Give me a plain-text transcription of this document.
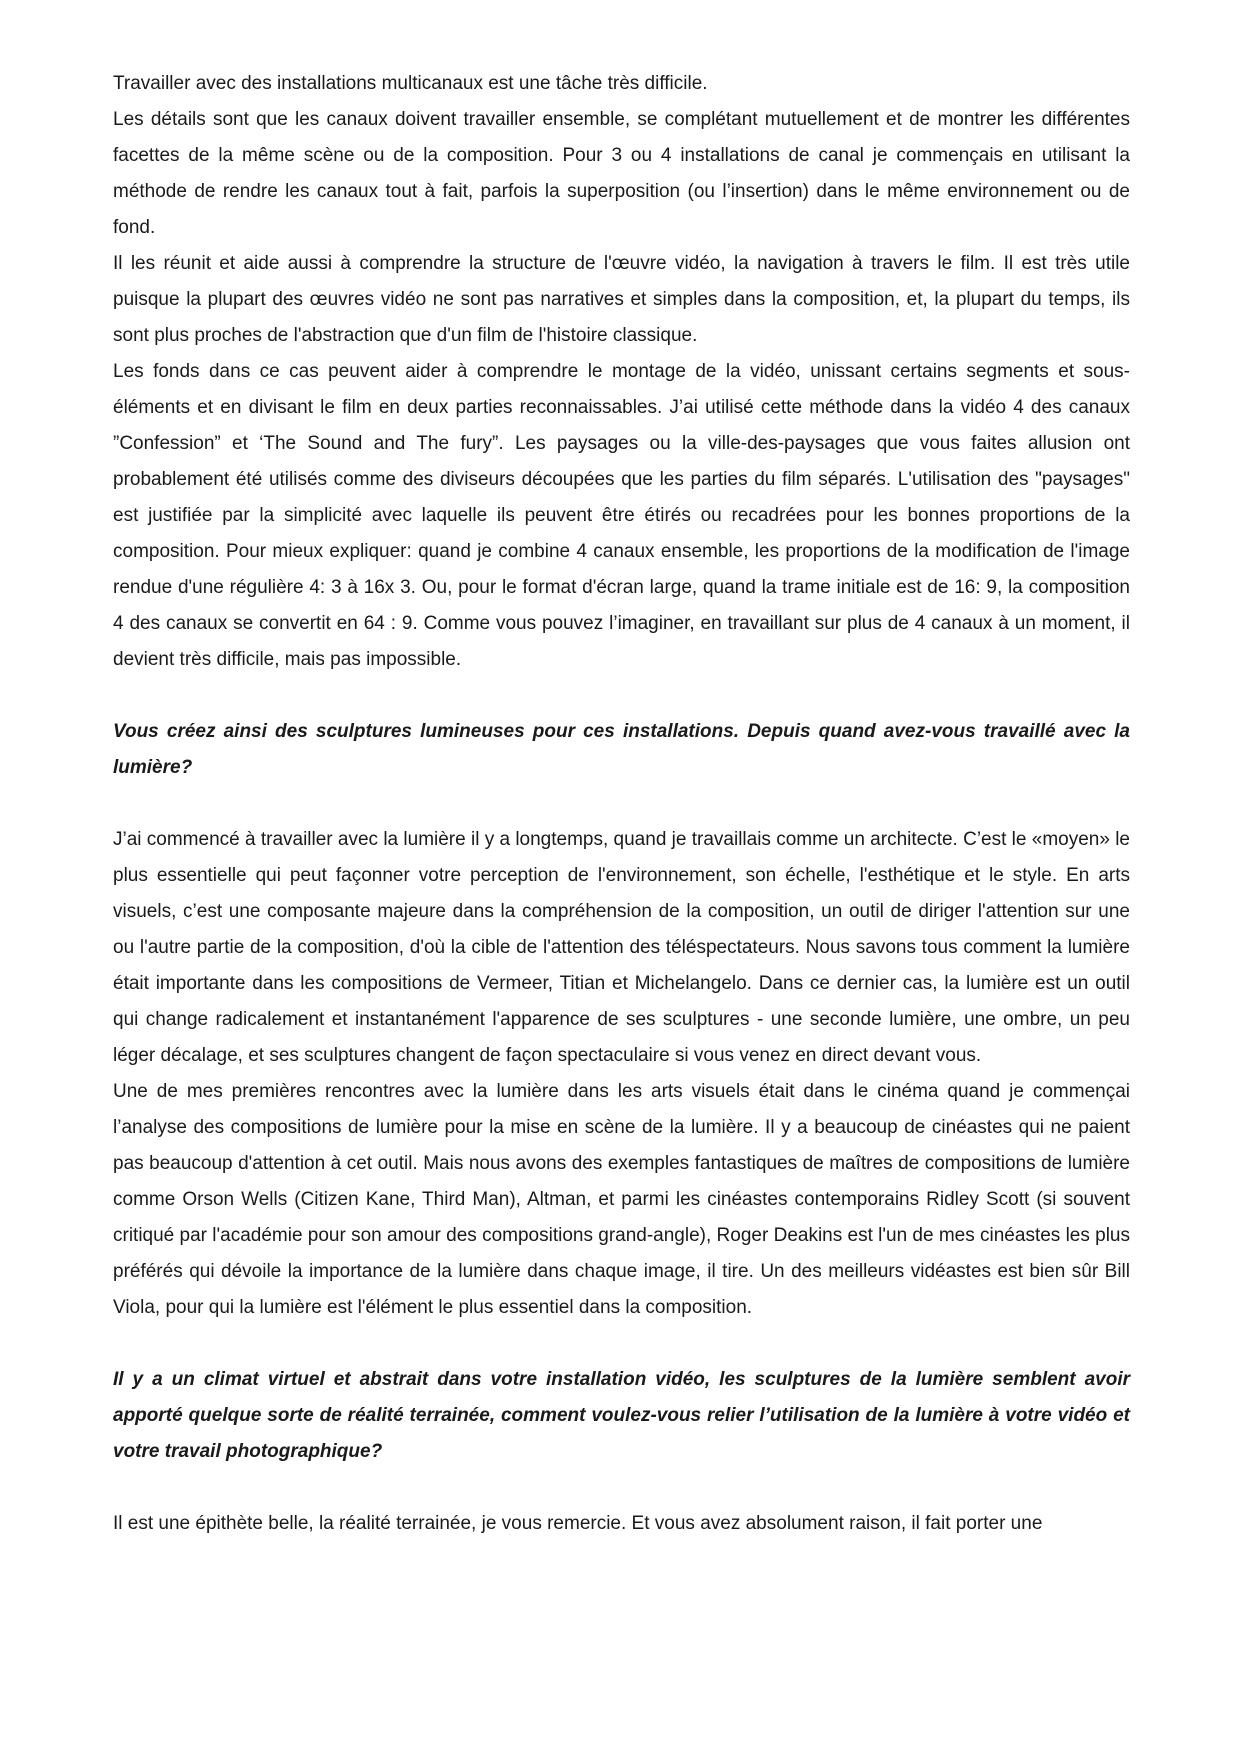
Travailler avec des installations multicanaux est une tâche très difficile.

Les détails sont que les canaux doivent travailler ensemble, se complétant mutuellement et de montrer les différentes facettes de la même scène ou de la composition. Pour 3 ou 4 installations de canal je commençais en utilisant la méthode de rendre les canaux tout à fait, parfois la superposition (ou l’insertion) dans le même environnement ou de fond.

Il les réunit et aide aussi à comprendre la structure de l'œuvre vidéo, la navigation à travers le film. Il est très utile puisque la plupart des œuvres vidéo ne sont pas narratives et simples dans la composition, et, la plupart du temps, ils sont plus proches de l'abstraction que d'un film de l'histoire classique.

Les fonds dans ce cas peuvent aider à comprendre le montage de la vidéo, unissant certains segments et sous-éléments et en divisant le film en deux parties reconnaissables. J’ai utilisé cette méthode dans la vidéo 4 des canaux ”Confession” et ‘The Sound and The fury”. Les paysages ou la ville-des-paysages que vous faites allusion ont probablement été utilisés comme des diviseurs découpées que les parties du film séparés. L'utilisation des "paysages" est justifiée par la simplicité avec laquelle ils peuvent être étirés ou recadrées pour les bonnes proportions de la composition. Pour mieux expliquer: quand je combine 4 canaux ensemble, les proportions de la modification de l'image rendue d'une régulière 4: 3 à 16x 3. Ou, pour le format d'écran large, quand la trame initiale est de 16: 9, la composition 4 des canaux se convertit en 64 : 9. Comme vous pouvez l’imaginer, en travaillant sur plus de 4 canaux à un moment, il devient très difficile, mais pas impossible.

Vous créez ainsi des sculptures lumineuses pour ces installations. Depuis quand avez-vous travaillé avec la lumière?

J’ai commencé à travailler avec la lumière il y a longtemps, quand je travaillais comme un architecte. C’est le «moyen» le plus essentielle qui peut façonner votre perception de l'environnement, son échelle, l'esthétique et le style. En arts visuels, c’est une composante majeure dans la compréhension de la composition, un outil de diriger l'attention sur une ou l'autre partie de la composition, d'où la cible de l'attention des téléspectateurs. Nous savons tous comment la lumière était importante dans les compositions de Vermeer, Titian et Michelangelo. Dans ce dernier cas, la lumière est un outil qui change radicalement et instantanément l'apparence de ses sculptures - une seconde lumière, une ombre, un peu léger décalage, et ses sculptures changent de façon spectaculaire si vous venez en direct devant vous.

Une de mes premières rencontres avec la lumière dans les arts visuels était dans le cinéma quand je commençai l’analyse des compositions de lumière pour la mise en scène de la lumière. Il y a beaucoup de cinéastes qui ne paient pas beaucoup d'attention à cet outil. Mais nous avons des exemples fantastiques de maîtres de compositions de lumière comme Orson Wells (Citizen Kane, Third Man), Altman, et parmi les cinéastes contemporains Ridley Scott (si souvent critiqué par l'académie pour son amour des compositions grand-angle), Roger Deakins est l'un de mes cinéastes les plus préférés qui dévoile la importance de la lumière dans chaque image, il tire. Un des meilleurs vidéastes est bien sûr Bill Viola, pour qui la lumière est l'élément le plus essentiel dans la composition.

Il y a un climat virtuel et abstrait dans votre installation vidéo, les sculptures de la lumière semblent avoir apporté quelque sorte de réalité terrainée, comment voulez-vous relier l’utilisation de la lumière à votre vidéo et votre travail photographique?

Il est une épithète belle, la réalité terrainée, je vous remercie. Et vous avez absolument raison, il fait porter une
